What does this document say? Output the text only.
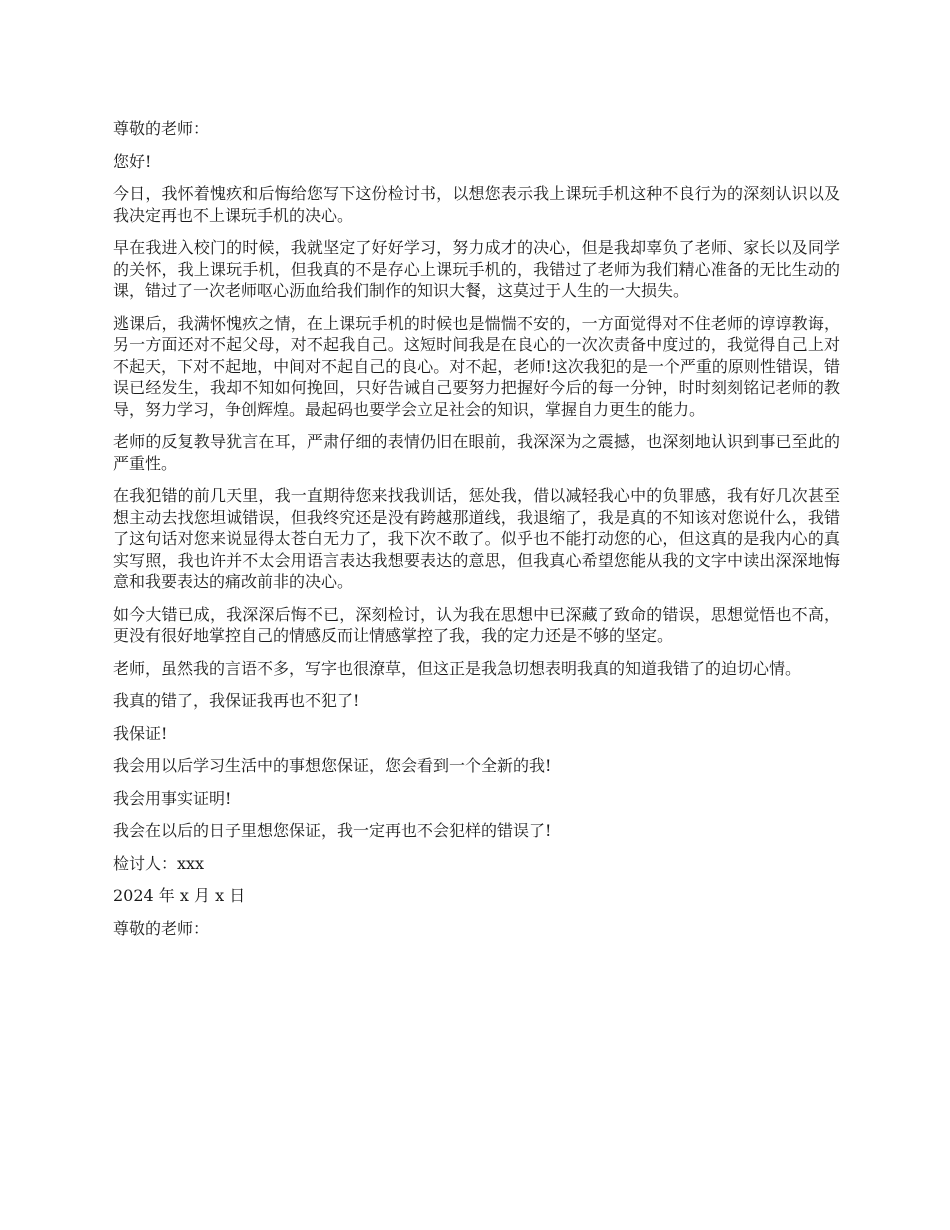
尊敬的老师：

您好!

今日，我怀着愧疚和后悔给您写下这份检讨书，以想您表示我上课玩手机这种不良行为的深刻认识以及我决定再也不上课玩手机的决心。

早在我进入校门的时候，我就坚定了好好学习，努力成才的决心，但是我却辜负了老师、家长以及同学的关怀，我上课玩手机，但我真的不是存心上课玩手机的，我错过了老师为我们精心准备的无比生动的课，错过了一次老师呕心沥血给我们制作的知识大餐，这莫过于人生的一大损失。

逃课后，我满怀愧疚之情，在上课玩手机的时候也是惴惴不安的，一方面觉得对不住老师的谆谆教诲，另一方面还对不起父母，对不起我自己。这短时间我是在良心的一次次责备中度过的，我觉得自己上对不起天，下对不起地，中间对不起自己的良心。对不起，老师!这次我犯的是一个严重的原则性错误，错误已经发生，我却不知如何挽回，只好告诫自己要努力把握好今后的每一分钟，时时刻刻铭记老师的教导，努力学习，争创辉煌。最起码也要学会立足社会的知识，掌握自力更生的能力。

老师的反复教导犹言在耳，严肃仔细的表情仍旧在眼前，我深深为之震撼，也深刻地认识到事已至此的严重性。

在我犯错的前几天里，我一直期待您来找我训话，惩处我，借以减轻我心中的负罪感，我有好几次甚至想主动去找您坦诚错误，但我终究还是没有跨越那道线，我退缩了，我是真的不知该对您说什么，我错了这句话对您来说显得太苍白无力了，我下次不敢了。似乎也不能打动您的心，但这真的是我内心的真实写照，我也许并不太会用语言表达我想要表达的意思，但我真心希望您能从我的文字中读出深深地悔意和我要表达的痛改前非的决心。

如今大错已成，我深深后悔不已，深刻检讨，认为我在思想中已深藏了致命的错误，思想觉悟也不高，更没有很好地掌控自己的情感反而让情感掌控了我，我的定力还是不够的坚定。

老师，虽然我的言语不多，写字也很潦草，但这正是我急切想表明我真的知道我错了的迫切心情。

我真的错了，我保证我再也不犯了!

我保证!

我会用以后学习生活中的事想您保证，您会看到一个全新的我!

我会用事实证明!

我会在以后的日子里想您保证，我一定再也不会犯样的错误了!

检讨人：xxx

2024 年 x 月 x 日

尊敬的老师：
